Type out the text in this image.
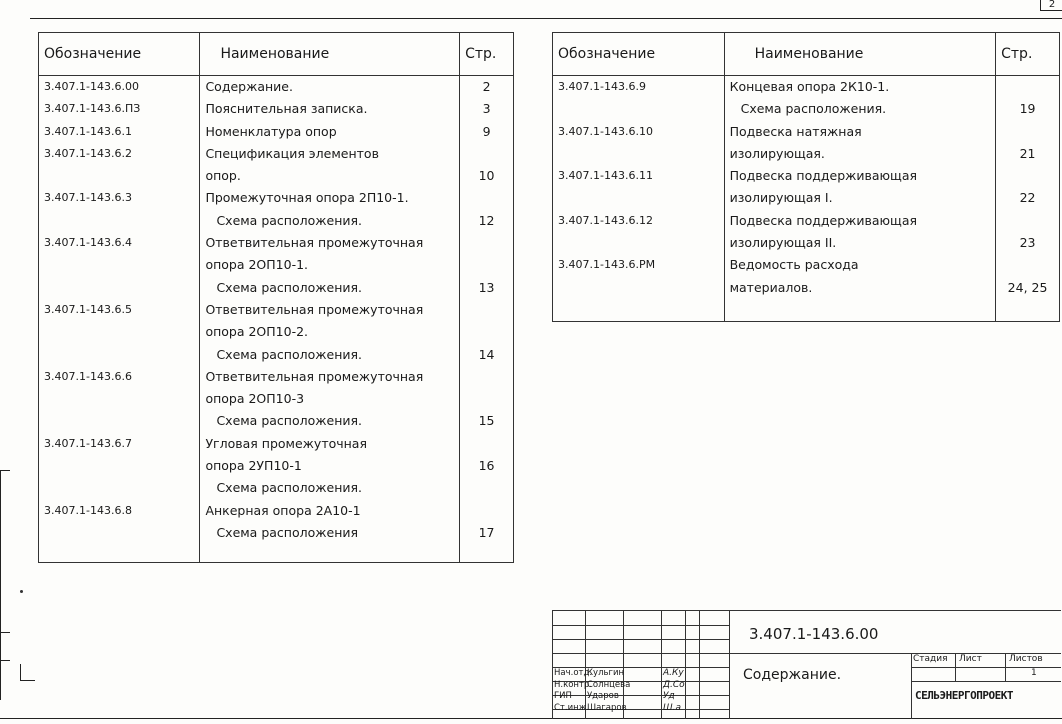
2
Обозначение	Наименование	Стр.
3.407.1-143.6.00	Содержание.	2
3.407.1-143.6.ПЗ	Пояснительная записка.	3
3.407.1-143.6.1	Номенклатура опор	9
3.407.1-143.6.2	Спецификация элементов	
	опор.	10
3.407.1-143.6.3	Промежуточная опора 2П10-1.	
	Схема расположения.	12
3.407.1-143.6.4	Ответвительная промежуточная	
	опора 2ОП10-1.	
	Схема расположения.	13
3.407.1-143.6.5	Ответвительная промежуточная	
	опора 2ОП10-2.	
	Схема расположения.	14
3.407.1-143.6.6	Ответвительная промежуточная	
	опора 2ОП10-3	
	Схема расположения.	15
3.407.1-143.6.7	Угловая промежуточная	
	опора 2УП10-1	16
	Схема расположения.	
3.407.1-143.6.8	Анкерная опора 2А10-1	
	Схема расположения	17

Обозначение	Наименование	Стр.
3.407.1-143.6.9	Концевая опора 2К10-1.	
	Схема расположения.	19
3.407.1-143.6.10	Подвеска натяжная	
	изолирующая.	21
3.407.1-143.6.11	Подвеска поддерживающая	
	изолирующая I.	22
3.407.1-143.6.12	Подвеска поддерживающая	
	изолирующая II.	23
3.407.1-143.6.РМ	Ведомость расхода	
	материалов.	24, 25

3.407.1-143.6.00
Содержание.
Стадия Лист	Листов
1
СЕЛЬЭНЕРГОПРОЕКТ
Нач.отд.
Кульгин	А.Ку
Н.контр.
Солнцева	Д.Со
ГИП Ударов	Уд
Ст.инж.
Шагаров	Ш.а
